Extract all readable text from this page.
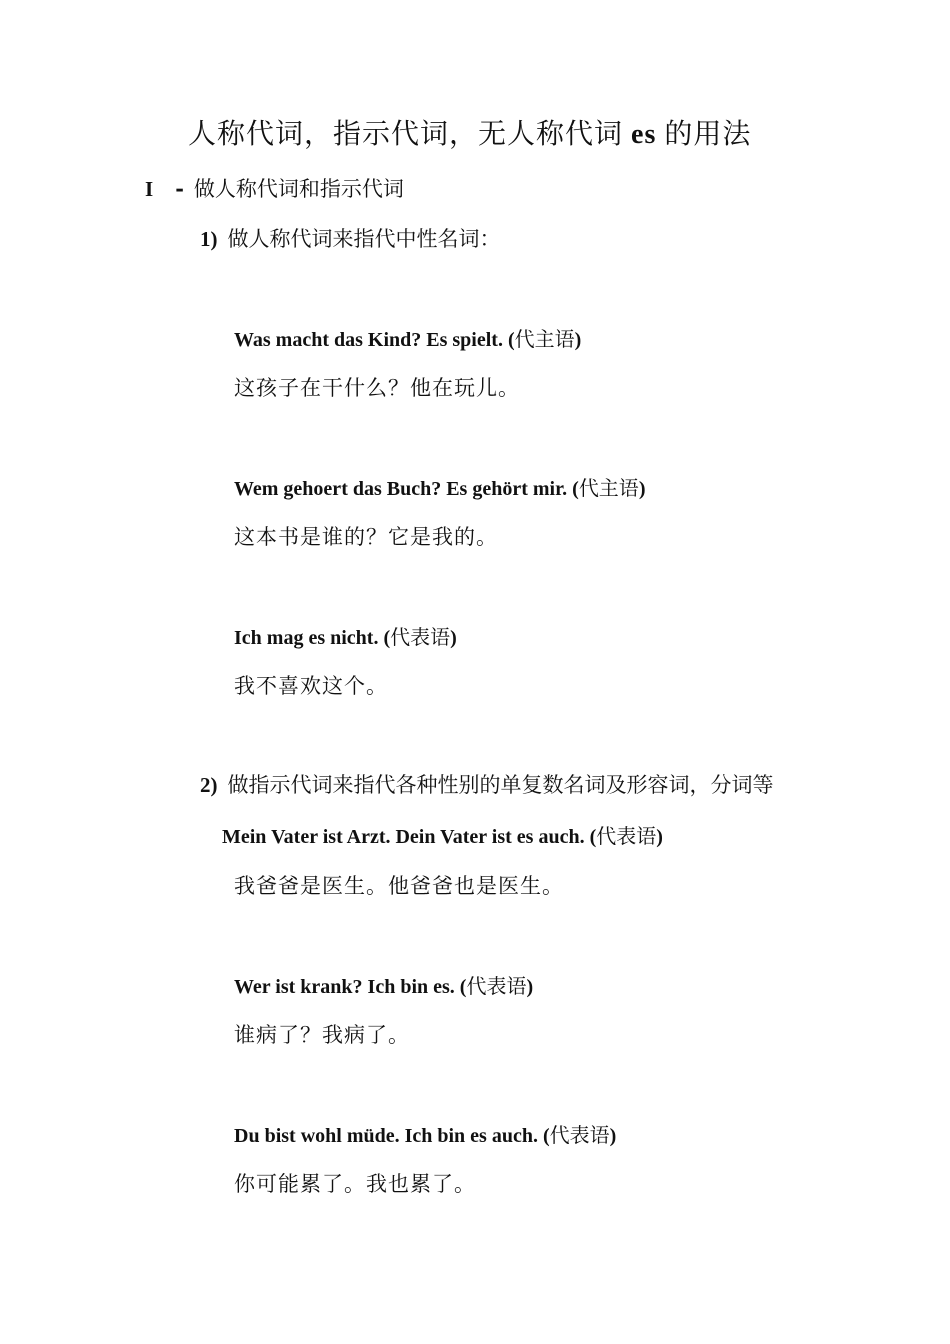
人称代词，指示代词，无人称代词 es 的用法
I - 做人称代词和指示代词
1) 做人称代词来指代中性名词：
Was macht das Kind? Es spielt. (代主语)
这孩子在干什么？他在玩儿。
Wem gehoert das Buch? Es gehört mir. (代主语)
这本书是谁的？它是我的。
Ich mag es nicht. (代表语)
我不喜欢这个。
2) 做指示代词来指代各种性别的单复数名词及形容词，分词等
Mein Vater ist Arzt. Dein Vater ist es auch. (代表语)
我爸爸是医生。他爸爸也是医生。
Wer ist krank? Ich bin es. (代表语)
谁病了？我病了。
Du bist wohl müde. Ich bin es auch. (代表语)
你可能累了。我也累了。
